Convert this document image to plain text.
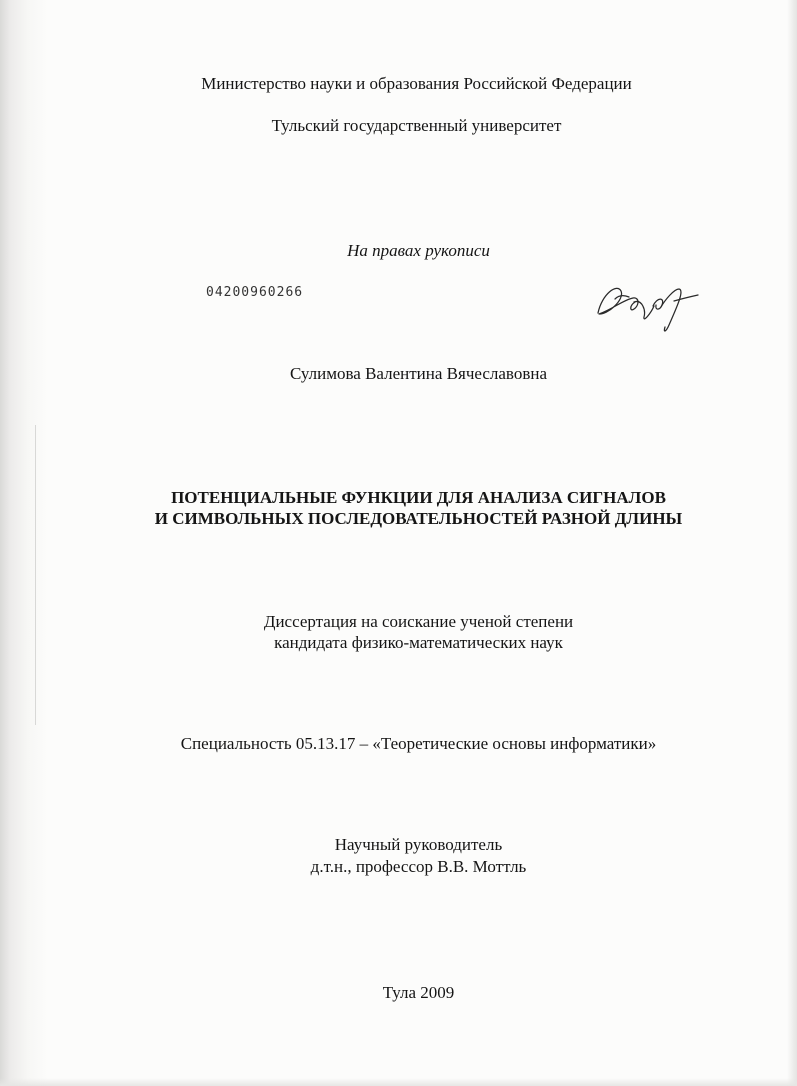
Министерство науки и образования Российской Федерации
Тульский государственный университет
На правах рукописи
04200960266
Сулимова Валентина Вячеславовна
ПОТЕНЦИАЛЬНЫЕ ФУНКЦИИ ДЛЯ АНАЛИЗА СИГНАЛОВ
И СИМВОЛЬНЫХ ПОСЛЕДОВАТЕЛЬНОСТЕЙ РАЗНОЙ ДЛИНЫ
Диссертация на соискание ученой степени
кандидата физико-математических наук
Специальность 05.13.17 – «Теоретические основы информатики»
Научный руководитель
д.т.н., профессор В.В. Моттль
Тула 2009
